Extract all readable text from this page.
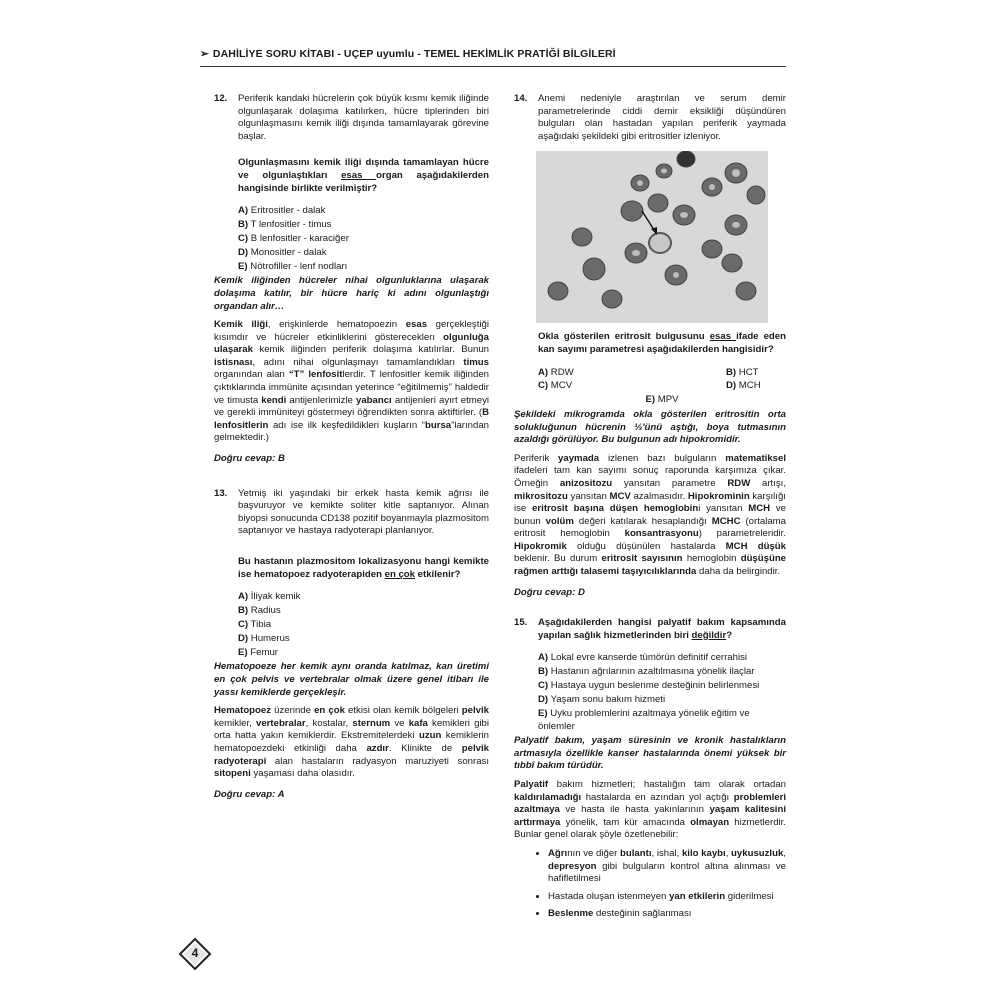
➢ DAHİLİYE SORU KİTABI - UÇEP uyumlu - TEMEL HEKİMLİK PRATİĞİ BİLGİLERİ
12.	Periferik kandaki hücrelerin çok büyük kısmı kemik iliğinde olgunlaşarak dolaşıma katılırken, hücre tiplerinden biri olgunlaşmasını kemik iliği dışında tamamlayarak görevine başlar.
Olgunlaşmasını kemik iliği dışında tamamlayan hücre ve olgunlaştıkları esas organ aşağıdakilerden hangisinde birlikte verilmiştir?
A) Eritrositler - dalak
B) T lenfositler - timus
C) B lenfositler - karaciğer
D) Monositler - dalak
E) Nötrofiller - lenf nodları
Kemik iliğinden hücreler nihai olgunluklarına ulaşarak dolaşıma katılır, bir hücre hariç ki adını olgunlaştığı organdan alır…
Kemik iliği, erişkinlerde hematopoezin esas gerçekleştiği kısımdır ve hücreler etkinliklerini göstereceklerı olgunluğa ulaşarak kemik iliğinden periferik dolaşıma katılırlar. Bunun istisnası, adını nihai olgunlaşmayı tamamlandıkları timus organından alan “T” lenfositlerdir. T lenfositler kemik iliğinden çıktıklarında immünite açısından yeterince “eğitilmemiş” haldedir ve timusta kendi antijenlerimizle yabancı antijenleri ayırt etmeyi ve gerekli immüniteyi göstermeyi öğrendikten sonra aktiftirler. (B lenfositlerin adı ise ilk keşfedildikleri kuşların “bursa”larından gelmektedir.)
Doğru cevap: B
13.	Yetmiş iki yaşındaki bir erkek hasta kemik ağrısı ile başvuruyor ve kemikte soliter kitle saptanıyor. Alınan biyopsi sonucunda CD138 pozitif boyanmayla plazmositom saptanıyor ve hastaya radyoterapi planlanıyor.
Bu hastanın plazmositom lokalizasyonu hangi kemikte ise hematopoez radyoterapiden en çok etkilenir?
A) İliyak kemik
B) Radius
C) Tibia
D) Humerus
E) Femur
Hematopoeze her kemik aynı oranda katılmaz, kan üretimi en çok pelvis ve vertebralar olmak üzere genel itibarı ile yassı kemiklerde gerçekleşir.
Hematopoez üzerinde en çok etkisi olan kemik bölgeleri pelvik kemikler, vertebralar, kostalar, sternum ve kafa kemikleri gibi orta hatta yakın kemiklerdir. Ekstremitelerdeki uzun kemiklerin hematopoezdeki etkinliği daha azdır. Klinikte de pelvik radyoterapi alan hastaların radyasyon maruziyeti sonrası sitopeni yaşaması daha olasıdır.
Doğru cevap: A
14.	Anemi nedeniyle araştırılan ve serum demir parametrelerinde ciddi demir eksikliği düşündüren bulguları olan hastadan yapılan periferik yaymada aşağıdaki şekildeki gibi eritrositler izleniyor.
Okla gösterilen eritrosit bulgusunu esas ifade eden kan sayımı parametresi aşağıdakilerden hangisidir?
A) RDW	B) HCT
C) MCV	D) MCH
E) MPV
Şekildeki mikrogramda okla gösterilen eritrositin orta solukluğunun hücrenin ⅓'ünü aştığı, boya tutmasının azaldığı görülüyor. Bu bulgunun adı hipokromidir.
Periferik yaymada izlenen bazı bulguların matematiksel ifadeleri tam kan sayımı sonuç raporunda karşımıza çıkar. Örneğin anizositozu yansıtan parametre RDW artışı, mikrositozu yansıtan MCV azalmasıdır. Hipokrominin karşılığı ise eritrosit başına düşen hemoglobini yansıtan MCH ve bunun volüm değeri katılarak hesaplandığı MCHC (ortalama eritrosit hemoglobin konsantrasyonu) parametreleridir. Hipokromik olduğu düşünülen hastalarda MCH düşük beklenir. Bu durum eritrosit sayısının hemoglobin düşüşüne rağmen arttığı talasemi taşıyıcılıklarında daha da belirgindir.
Doğru cevap: D
15.	Aşağıdakilerden hangisi palyatif bakım kapsamında yapılan sağlık hizmetlerinden biri değildir?
A) Lokal evre kanserde tümörün definitif cerrahisi
B) Hastanın ağrılarının azaltılmasına yönelik ilaçlar
C) Hastaya uygun beslenme desteğinin belirlenmesi
D) Yaşam sonu bakım hizmeti
E) Uyku problemlerini azaltmaya yönelik eğitim ve önlemler
Palyatif bakım, yaşam süresinin ve kronik hastalıkların artmasıyla özellikle kanser hastalarında önemi yüksek bir tıbbî bakım türüdür.
Palyatif bakım hizmetleri; hastalığın tam olarak ortadan kaldırılamadığı hastalarda en azından yol açtığı problemleri azaltmaya ve hasta ile hasta yakınlarının yaşam kalitesini arttırmaya yönelik, tam kür amacında olmayan hizmetlerdir. Bunlar genel olarak şöyle özetlenebilir:
• Ağrının ve diğer bulantı, ishal, kilo kaybı, uykusuzluk, depresyon gibi bulguların kontrol altına alınması ve hafifletilmesi
• Hastada oluşan istenmeyen yan etkilerin giderilmesi
• Beslenme desteğinin sağlanması
4
